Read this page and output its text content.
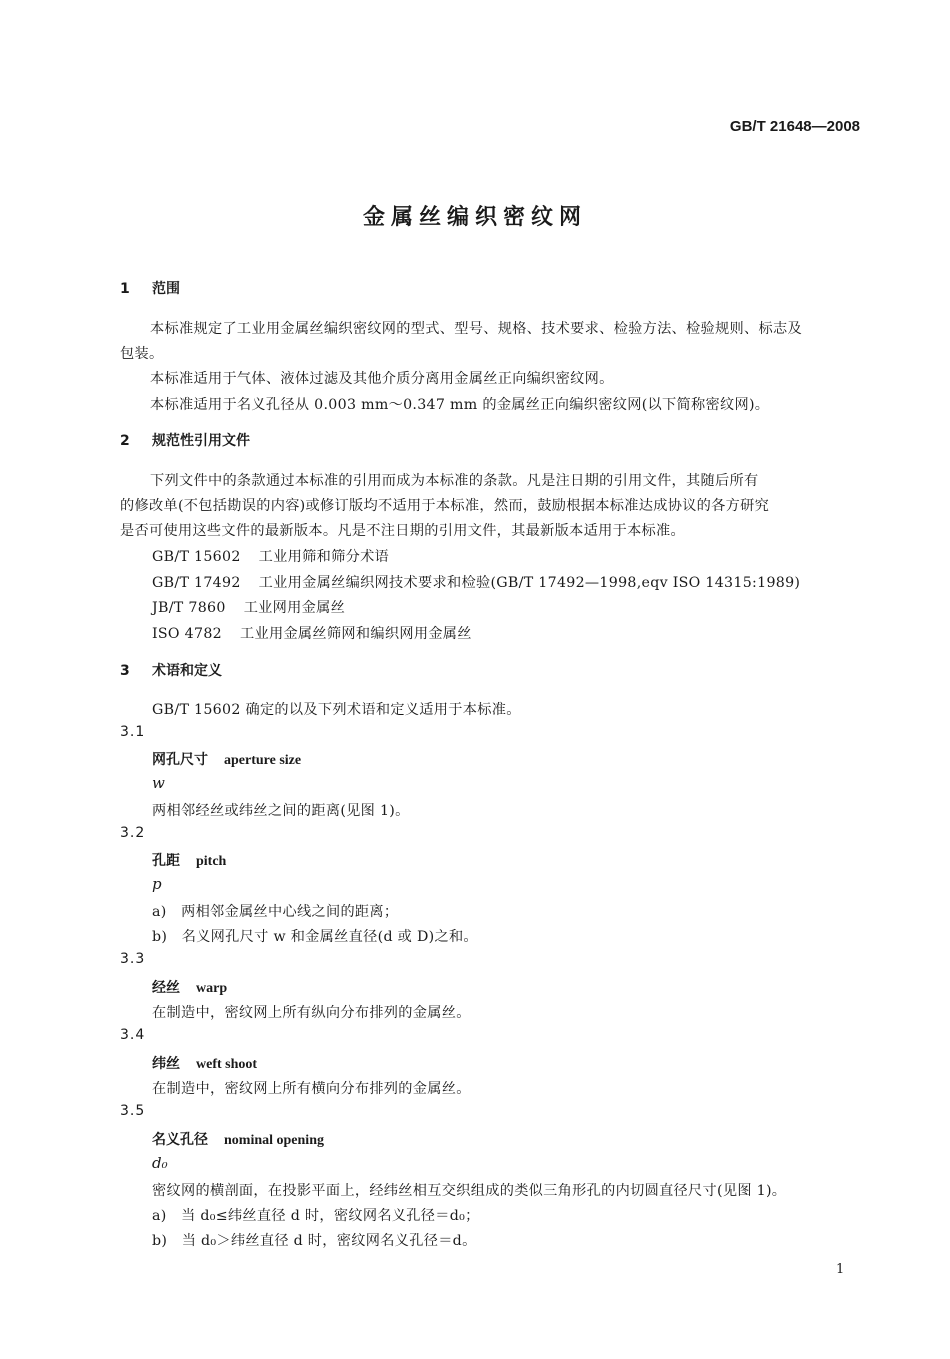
GB/T 21648—2008
金属丝编织密纹网
1 范围
本标准规定了工业用金属丝编织密纹网的型式、型号、规格、技术要求、检验方法、检验规则、标志及
包装。
本标准适用于气体、液体过滤及其他介质分离用金属丝正向编织密纹网。
本标准适用于名义孔径从 0.003 mm～0.347 mm 的金属丝正向编织密纹网(以下简称密纹网)。
2 规范性引用文件
下列文件中的条款通过本标准的引用而成为本标准的条款。凡是注日期的引用文件，其随后所有
的修改单(不包括勘误的内容)或修订版均不适用于本标准，然而，鼓励根据本标准达成协议的各方研究
是否可使用这些文件的最新版本。凡是不注日期的引用文件，其最新版本适用于本标准。
GB/T 15602 工业用筛和筛分术语
GB/T 17492 工业用金属丝编织网技术要求和检验(GB/T 17492—1998,eqv ISO 14315:1989)
JB/T 7860 工业网用金属丝
ISO 4782 工业用金属丝筛网和编织网用金属丝
3 术语和定义
GB/T 15602 确定的以及下列术语和定义适用于本标准。
3.1
网孔尺寸 aperture size
w
两相邻经丝或纬丝之间的距离(见图 1)。
3.2
孔距 pitch
p
a)　两相邻金属丝中心线之间的距离；
b)　名义网孔尺寸 w 和金属丝直径(d 或 D)之和。
3.3
经丝 warp
在制造中，密纹网上所有纵向分布排列的金属丝。
3.4
纬丝 weft shoot
在制造中，密纹网上所有横向分布排列的金属丝。
3.5
名义孔径 nominal opening
d₀
密纹网的横剖面，在投影平面上，经纬丝相互交织组成的类似三角形孔的内切圆直径尺寸(见图 1)。
a)　当 d₀≤纬丝直径 d 时，密纹网名义孔径＝d₀；
b)　当 d₀＞纬丝直径 d 时，密纹网名义孔径＝d。
1
